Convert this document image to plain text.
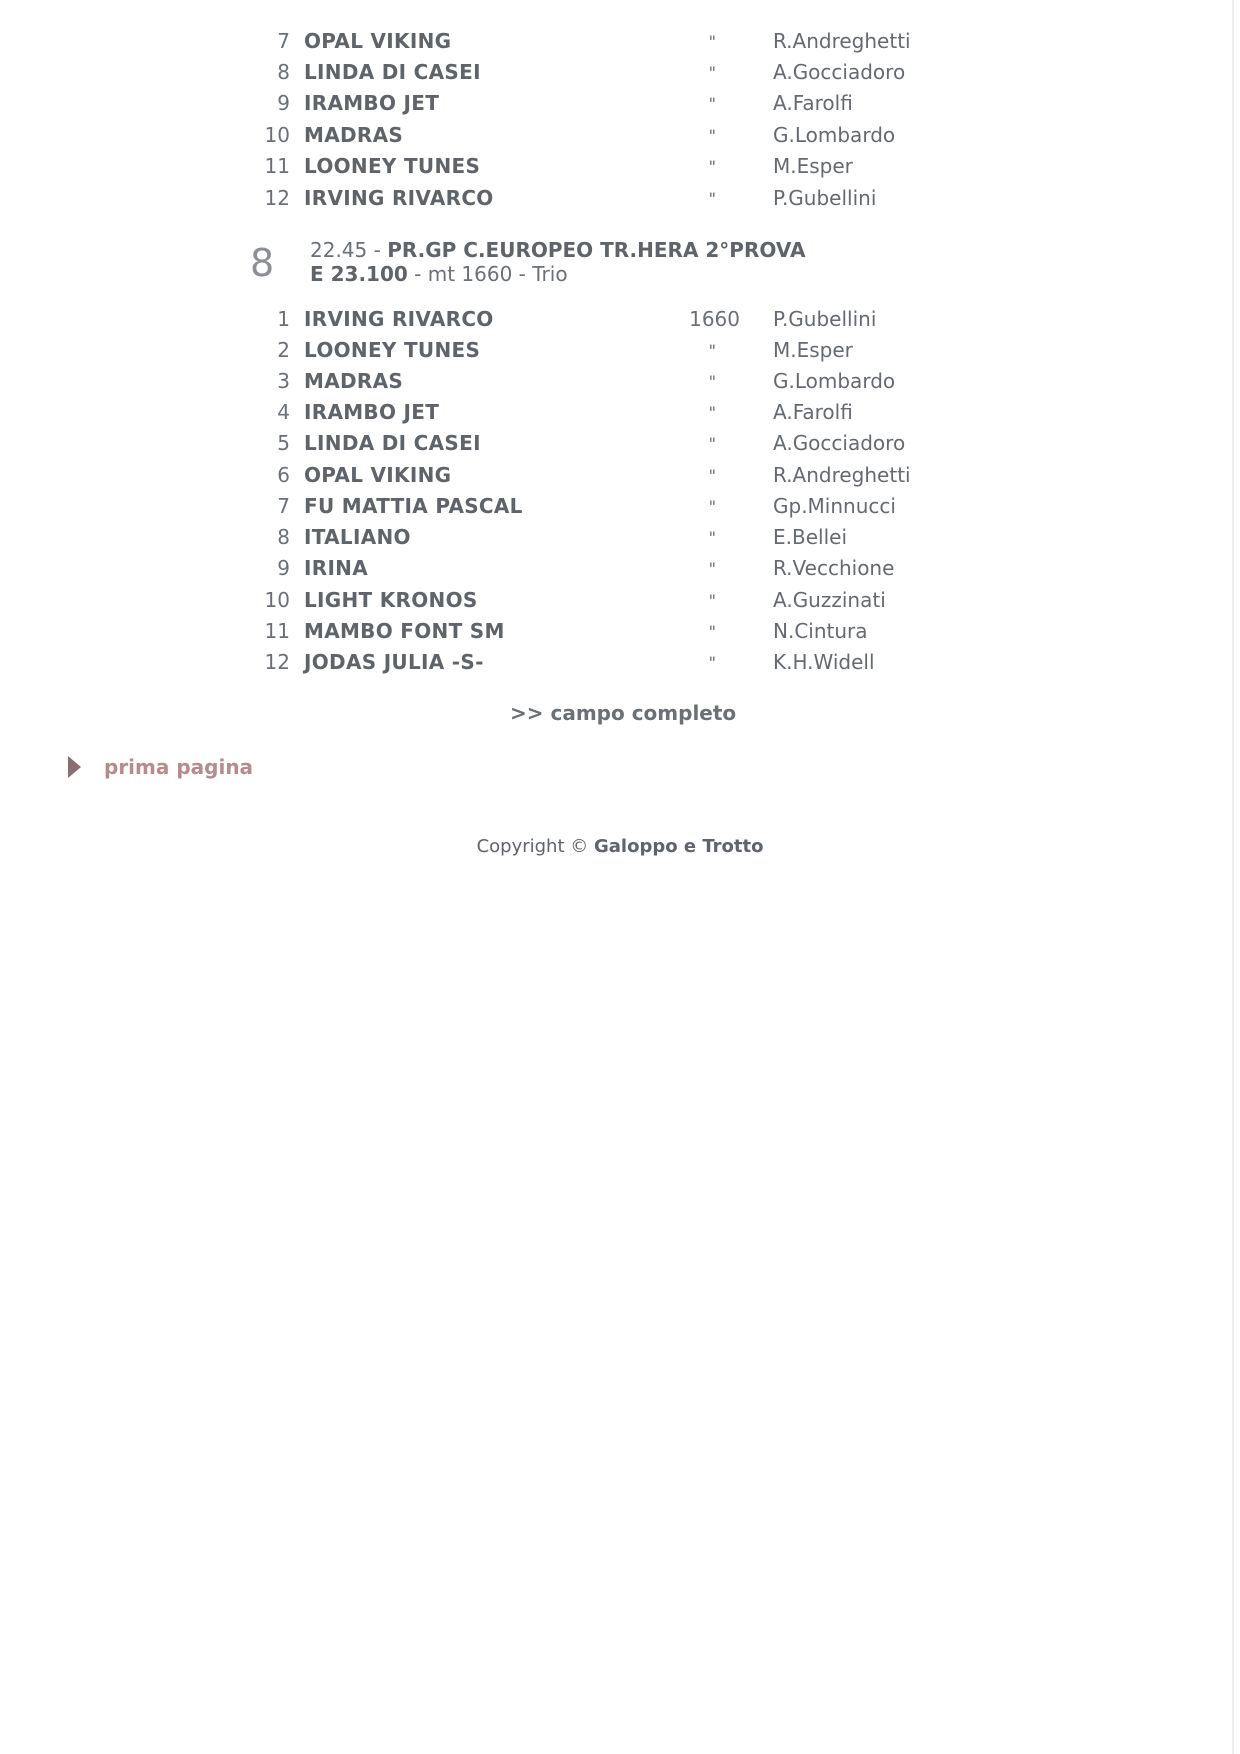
7 OPAL VIKING	"	R.Andreghetti
8 LINDA DI CASEI	"	A.Gocciadoro
9 IRAMBO JET	"	A.Farolfi
10 MADRAS	"	G.Lombardo
11 LOONEY TUNES	"	M.Esper
12 IRVING RIVARCO	"	P.Gubellini
8 22.45 - PR.GP C.EUROPEO TR.HERA 2°PROVA
E 23.100 - mt 1660 - Trio
1 IRVING RIVARCO	1660 P.Gubellini
2 LOONEY TUNES	"	M.Esper
3 MADRAS	"	G.Lombardo
4 IRAMBO JET	"	A.Farolfi
5 LINDA DI CASEI	"	A.Gocciadoro
6 OPAL VIKING	"	R.Andreghetti
7 FU MATTIA PASCAL	"	Gp.Minnucci
8 ITALIANO	"	E.Bellei
9 IRINA	"	R.Vecchione
10 LIGHT KRONOS	"	A.Guzzinati
11 MAMBO FONT SM	"	N.Cintura
12 JODAS JULIA -S-	"	K.H.Widell
>> campo completo
prima pagina
Copyright © Galoppo e Trotto
